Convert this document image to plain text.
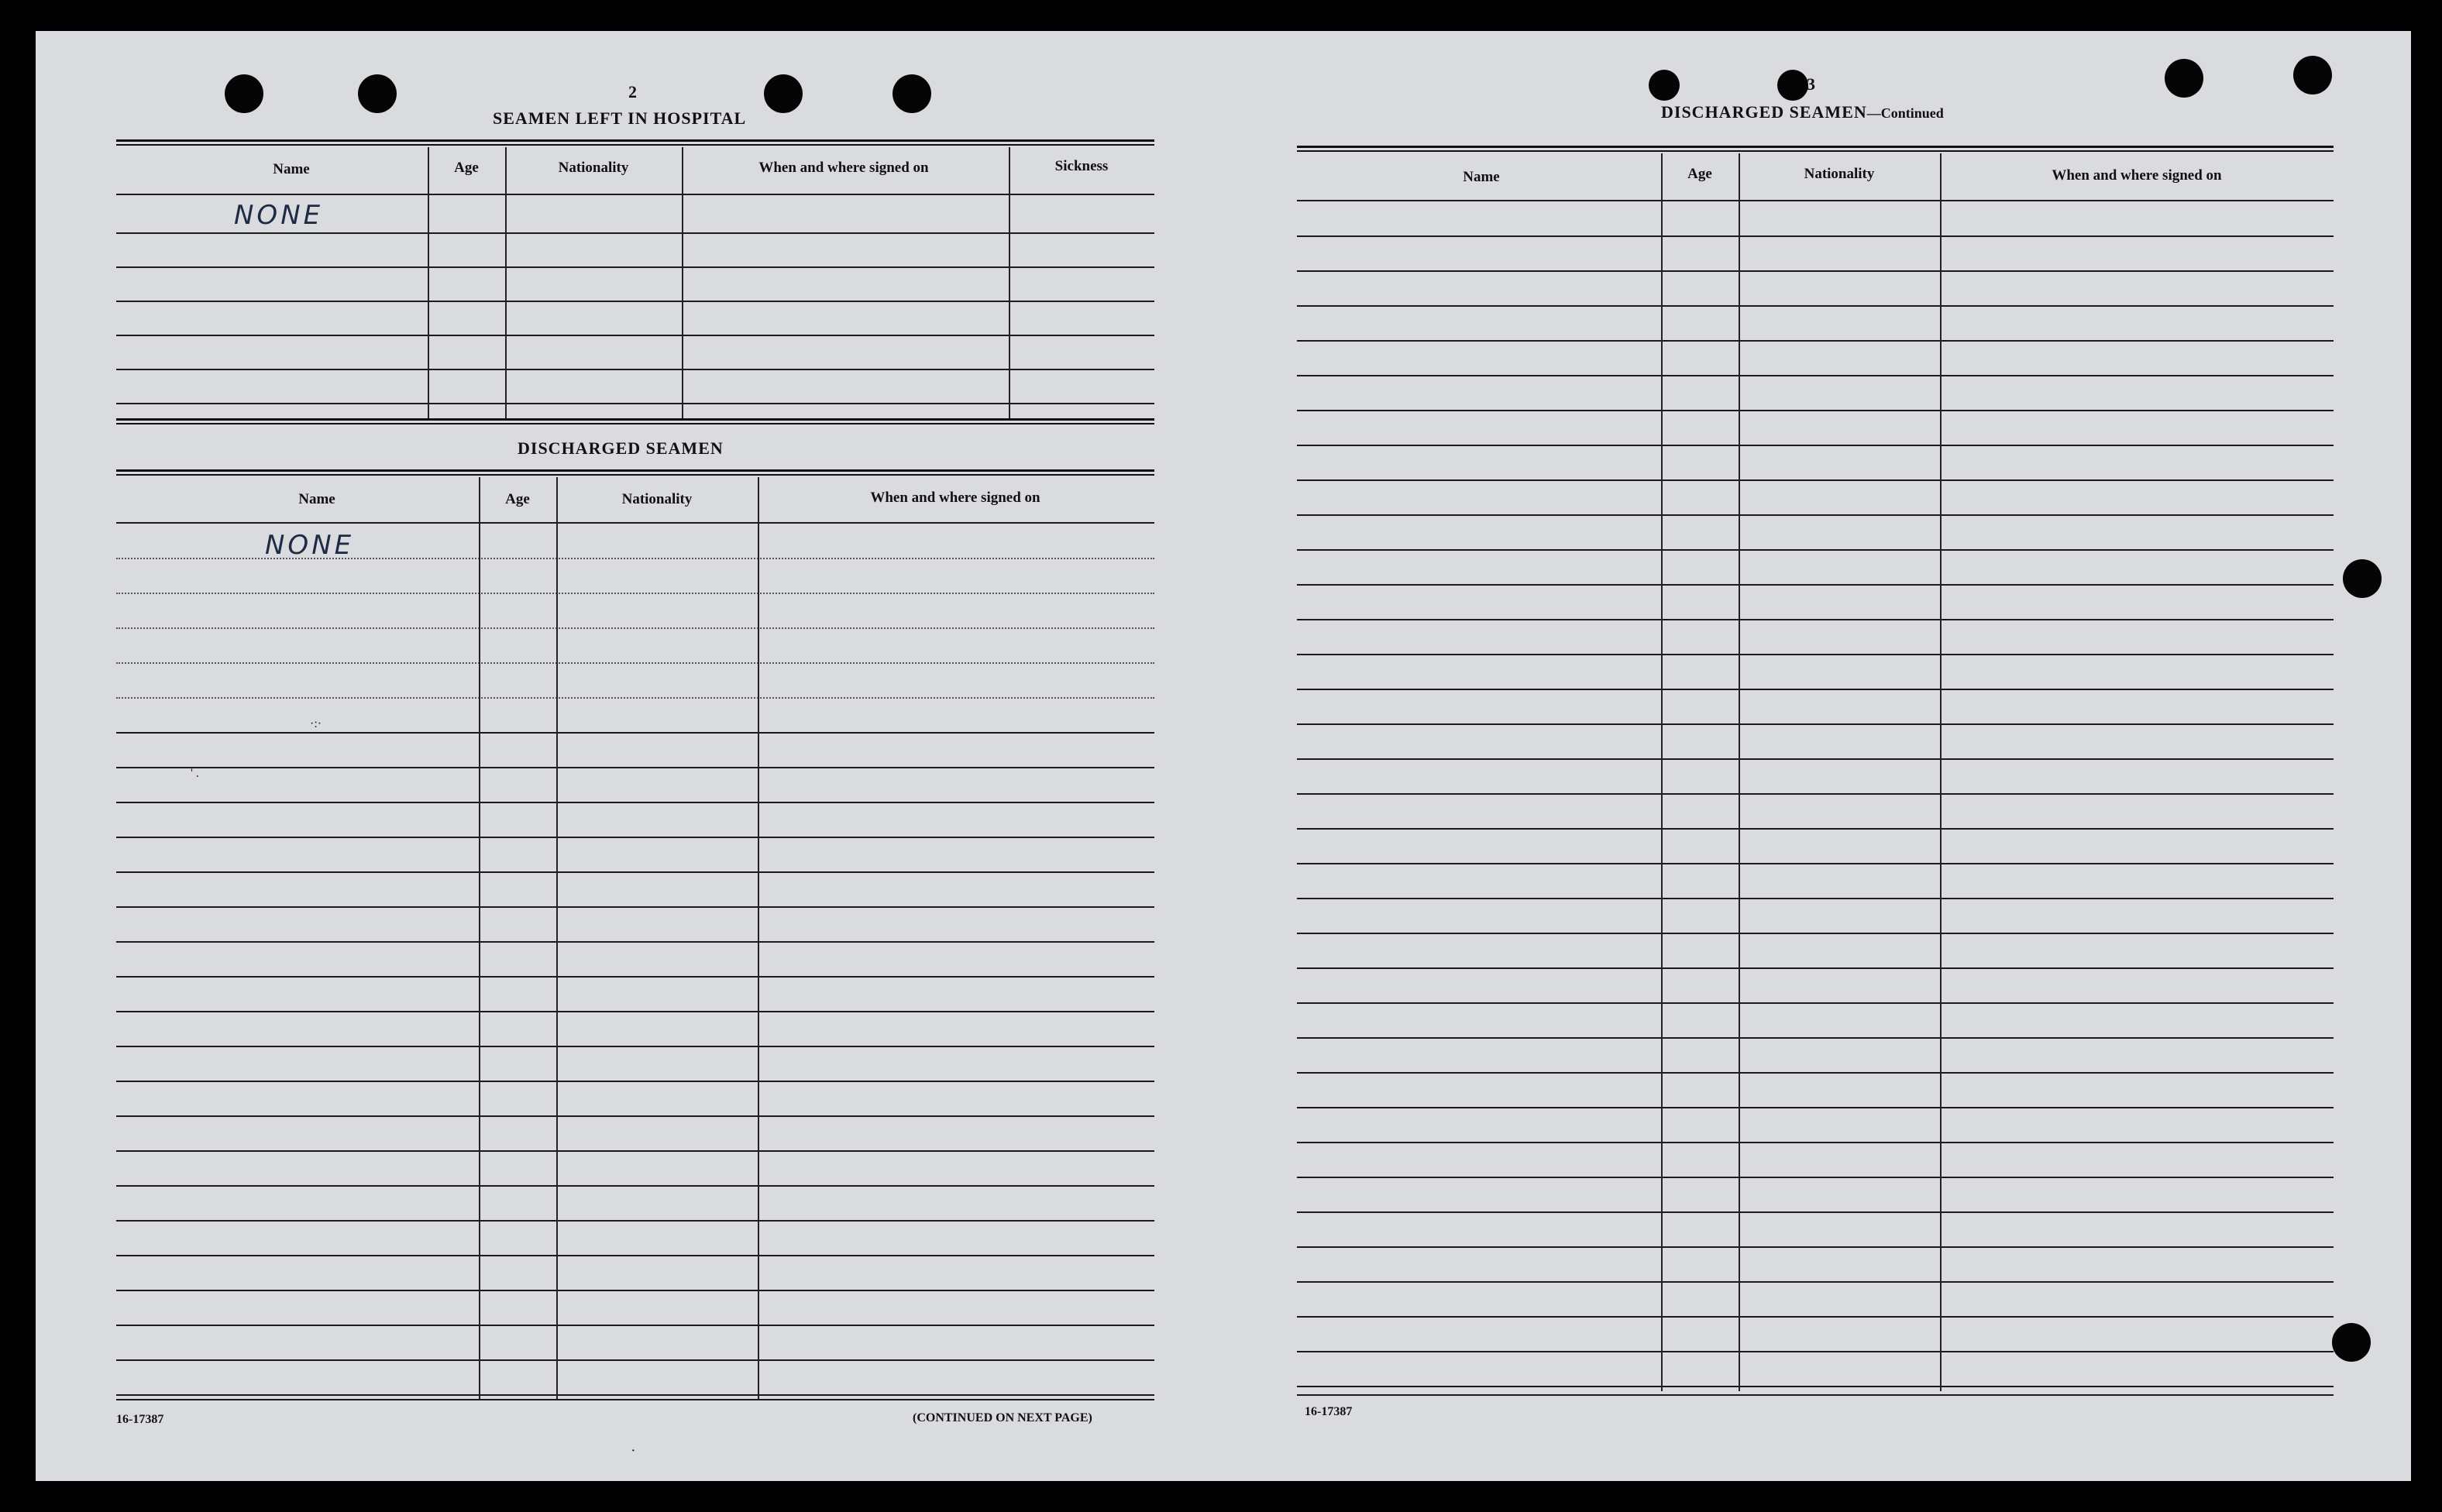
2
SEAMEN LEFT IN HOSPITAL
Name	Age	Nationality	When and where signed on	Sickness
NONE
DISCHARGED SEAMEN
Name	Age	Nationality	When and where signed on
NONE
·:·
' .
16-17387	(CONTINUED ON NEXT PAGE)
·
3
DISCHARGED SEAMEN—Continued
Name	Age	Nationality	When and where signed on
16-17387
